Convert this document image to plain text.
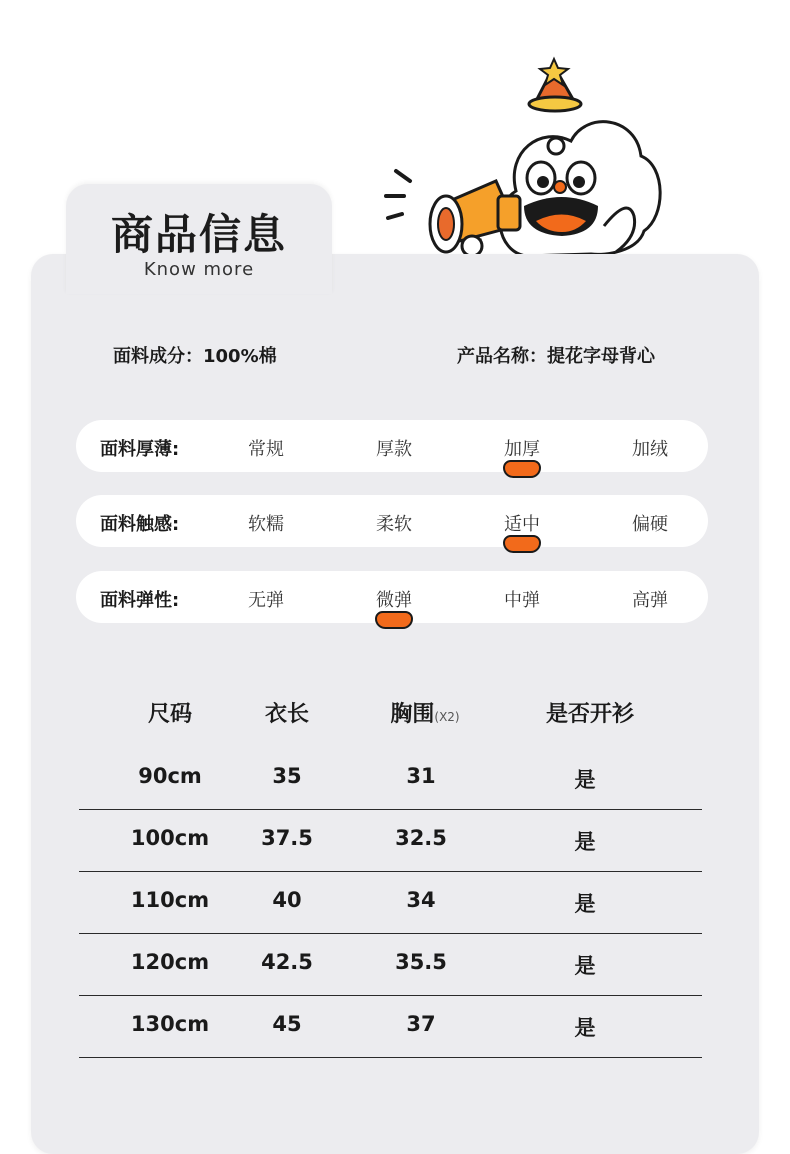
商品信息
Know more
面料成分：100%棉	产品名称：提花字母背心
面料厚薄:	常规	厚款	加厚	加绒
面料触感:	软糯	柔软	适中	偏硬
面料弹性:	无弹	微弹	中弹	高弹
尺码	衣长	胸围(X2)	是否开衫
90cm	35	31	是
100cm	37.5	32.5	是
110cm	40	34	是
120cm	42.5	35.5	是
130cm	45	37	是
